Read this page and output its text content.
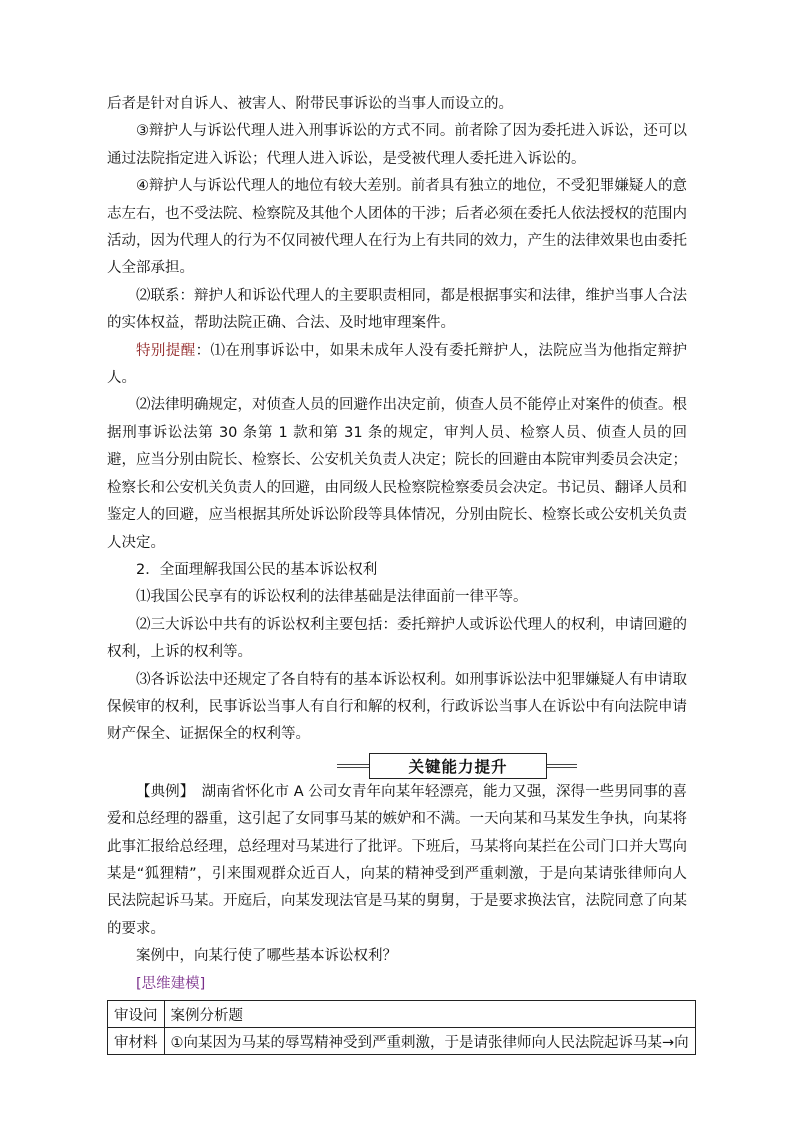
后者是针对自诉人、被害人、附带民事诉讼的当事人而设立的。

③辩护人与诉讼代理人进入刑事诉讼的方式不同。前者除了因为委托进入诉讼，还可以通过法院指定进入诉讼；代理人进入诉讼，是受被代理人委托进入诉讼的。

④辩护人与诉讼代理人的地位有较大差别。前者具有独立的地位，不受犯罪嫌疑人的意志左右，也不受法院、检察院及其他个人团体的干涉；后者必须在委托人依法授权的范围内活动，因为代理人的行为不仅同被代理人在行为上有共同的效力，产生的法律效果也由委托人全部承担。

⑵联系：辩护人和诉讼代理人的主要职责相同，都是根据事实和法律，维护当事人合法的实体权益，帮助法院正确、合法、及时地审理案件。

特别提醒：⑴在刑事诉讼中，如果未成年人没有委托辩护人，法院应当为他指定辩护人。

⑵法律明确规定，对侦查人员的回避作出决定前，侦查人员不能停止对案件的侦查。根据刑事诉讼法第 30 条第 1 款和第 31 条的规定，审判人员、检察人员、侦查人员的回避，应当分别由院长、检察长、公安机关负责人决定；院长的回避由本院审判委员会决定；检察长和公安机关负责人的回避，由同级人民检察院检察委员会决定。书记员、翻译人员和鉴定人的回避，应当根据其所处诉讼阶段等具体情况，分别由院长、检察长或公安机关负责人决定。

2．全面理解我国公民的基本诉讼权利

⑴我国公民享有的诉讼权利的法律基础是法律面前一律平等。

⑵三大诉讼中共有的诉讼权利主要包括：委托辩护人或诉讼代理人的权利，申请回避的权利，上诉的权利等。

⑶各诉讼法中还规定了各自特有的基本诉讼权利。如刑事诉讼法中犯罪嫌疑人有申请取保候审的权利，民事诉讼当事人有自行和解的权利，行政诉讼当事人在诉讼中有向法院申请财产保全、证据保全的权利等。

关键能力提升

【典例】　湖南省怀化市 A 公司女青年向某年轻漂亮，能力又强，深得一些男同事的喜爱和总经理的器重，这引起了女同事马某的嫉妒和不满。一天向某和马某发生争执，向某将此事汇报给总经理，总经理对马某进行了批评。下班后，马某将向某拦在公司门口并大骂向某是“狐狸精”，引来围观群众近百人，向某的精神受到严重刺激，于是向某请张律师向人民法院起诉马某。开庭后，向某发现法官是马某的舅舅，于是要求换法官，法院同意了向某的要求。

案例中，向某行使了哪些基本诉讼权利？

[思维建模]

审设问	案例分析题
审材料	①向某因为马某的辱骂精神受到严重刺激，于是请张律师向人民法院起诉马某→向
